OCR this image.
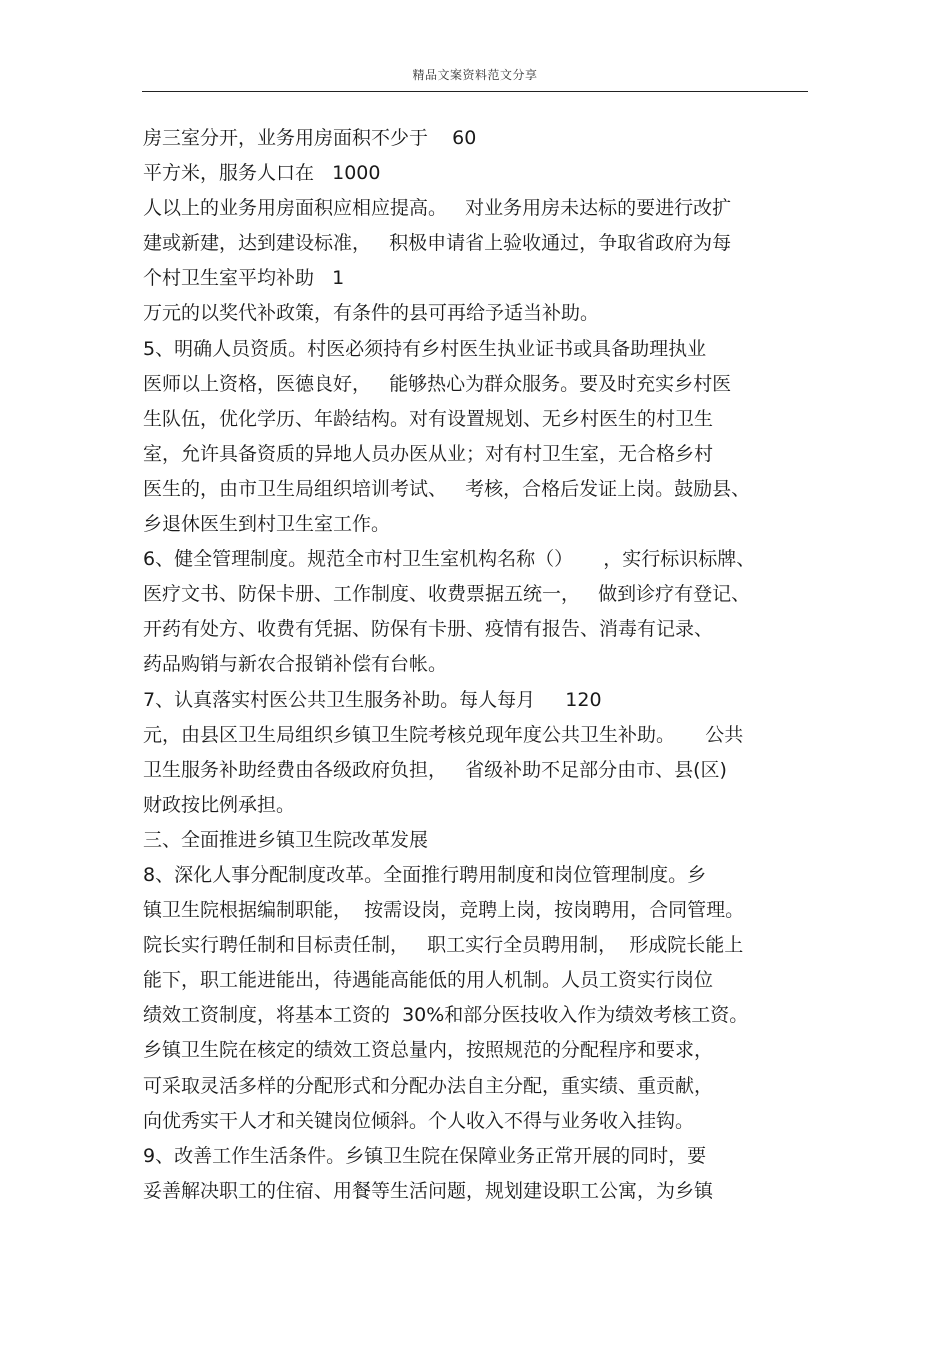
精品文案资料范文分享
房三室分开，业务用房面积不少于    60
平方米，服务人口在   1000
人以上的业务用房面积应相应提高。   对业务用房未达标的要进行改扩
建或新建，达到建设标准，   积极申请省上验收通过，争取省政府为每
个村卫生室平均补助   1
万元的以奖代补政策，有条件的县可再给予适当补助。
5、明确人员资质。村医必须持有乡村医生执业证书或具备助理执业
医师以上资格，医德良好，   能够热心为群众服务。要及时充实乡村医
生队伍，优化学历、年龄结构。对有设置规划、无乡村医生的村卫生
室，允许具备资质的异地人员办医从业；对有村卫生室，无合格乡村
医生的，由市卫生局组织培训考试、   考核，合格后发证上岗。鼓励县、
乡退休医生到村卫生室工作。
6、健全管理制度。规范全市村卫生室机构名称（）     ，实行标识标牌、
医疗文书、防保卡册、工作制度、收费票据五统一，   做到诊疗有登记、
开药有处方、收费有凭据、防保有卡册、疫情有报告、消毒有记录、
药品购销与新农合报销补偿有台帐。
7、认真落实村医公共卫生服务补助。每人每月     120
元，由县区卫生局组织乡镇卫生院考核兑现年度公共卫生补助。     公共
卫生服务补助经费由各级政府负担，   省级补助不足部分由市、县(区)
财政按比例承担。
三、全面推进乡镇卫生院改革发展
8、深化人事分配制度改革。全面推行聘用制度和岗位管理制度。乡
镇卫生院根据编制职能，  按需设岗，竞聘上岗，按岗聘用，合同管理。
院长实行聘任制和目标责任制，   职工实行全员聘用制，  形成院长能上
能下，职工能进能出，待遇能高能低的用人机制。人员工资实行岗位
绩效工资制度，将基本工资的  30%和部分医技收入作为绩效考核工资。
乡镇卫生院在核定的绩效工资总量内，按照规范的分配程序和要求，
可采取灵活多样的分配形式和分配办法自主分配，重实绩、重贡献，
向优秀实干人才和关键岗位倾斜。个人收入不得与业务收入挂钩。
9、改善工作生活条件。乡镇卫生院在保障业务正常开展的同时，要
妥善解决职工的住宿、用餐等生活问题，规划建设职工公寓，为乡镇
